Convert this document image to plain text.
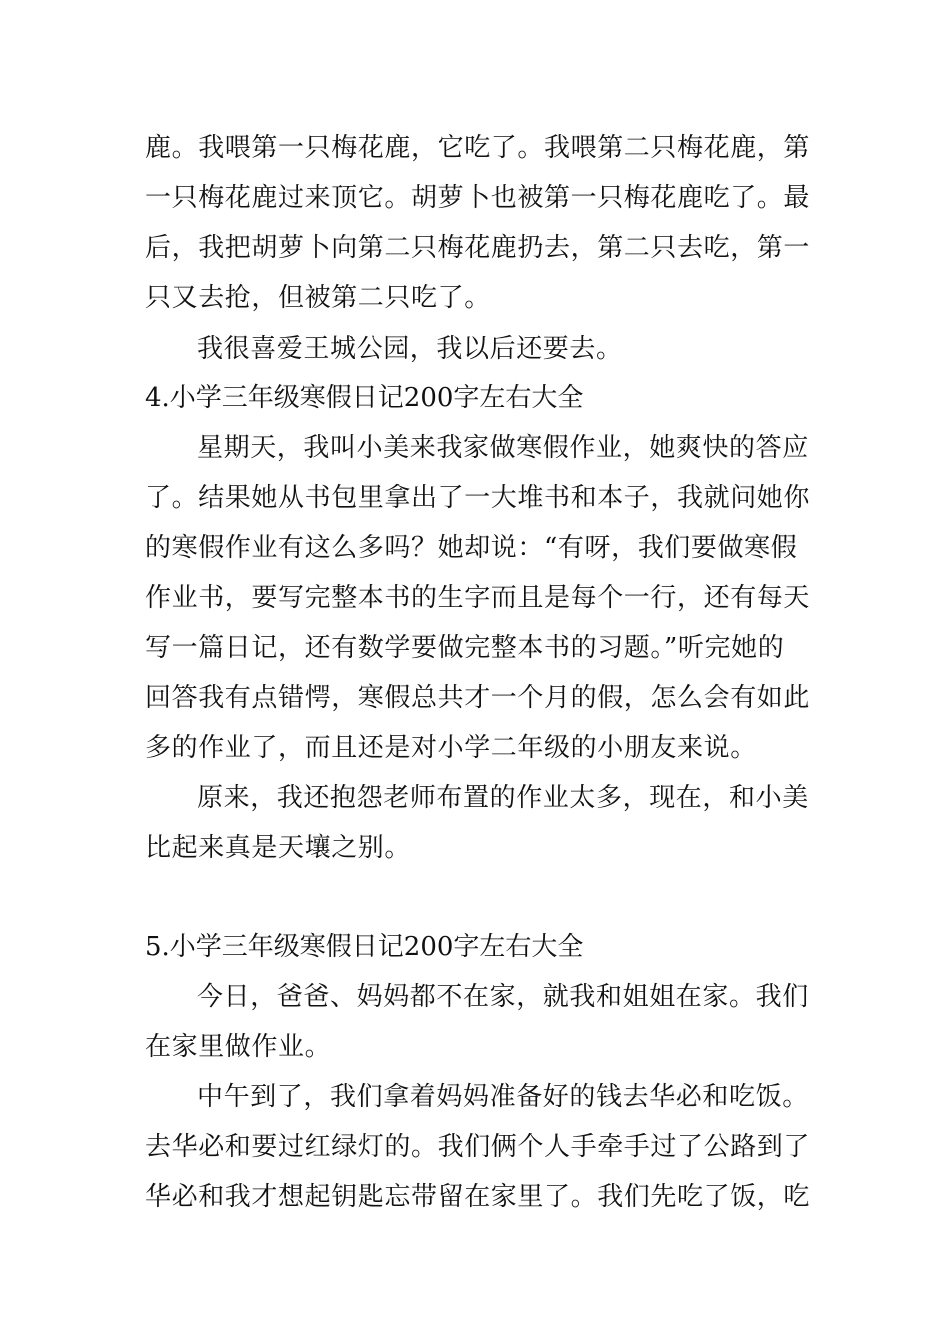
鹿。我喂第一只梅花鹿，它吃了。我喂第二只梅花鹿，第
一只梅花鹿过来顶它。胡萝卜也被第一只梅花鹿吃了。最
后，我把胡萝卜向第二只梅花鹿扔去，第二只去吃，第一
只又去抢，但被第二只吃了。
我很喜爱王城公园，我以后还要去。
4.小学三年级寒假日记200字左右大全
星期天，我叫小美来我家做寒假作业，她爽快的答应
了。结果她从书包里拿出了一大堆书和本子，我就问她你
的寒假作业有这么多吗？她却说：“有呀，我们要做寒假
作业书，要写完整本书的生字而且是每个一行，还有每天
写一篇日记，还有数学要做完整本书的习题。”听完她的
回答我有点错愕，寒假总共才一个月的假，怎么会有如此
多的作业了，而且还是对小学二年级的小朋友来说。
原来，我还抱怨老师布置的作业太多，现在，和小美
比起来真是天壤之别。
5.小学三年级寒假日记200字左右大全
今日，爸爸、妈妈都不在家，就我和姐姐在家。我们
在家里做作业。
中午到了，我们拿着妈妈准备好的钱去华必和吃饭。
去华必和要过红绿灯的。我们俩个人手牵手过了公路到了
华必和我才想起钥匙忘带留在家里了。我们先吃了饭，吃
